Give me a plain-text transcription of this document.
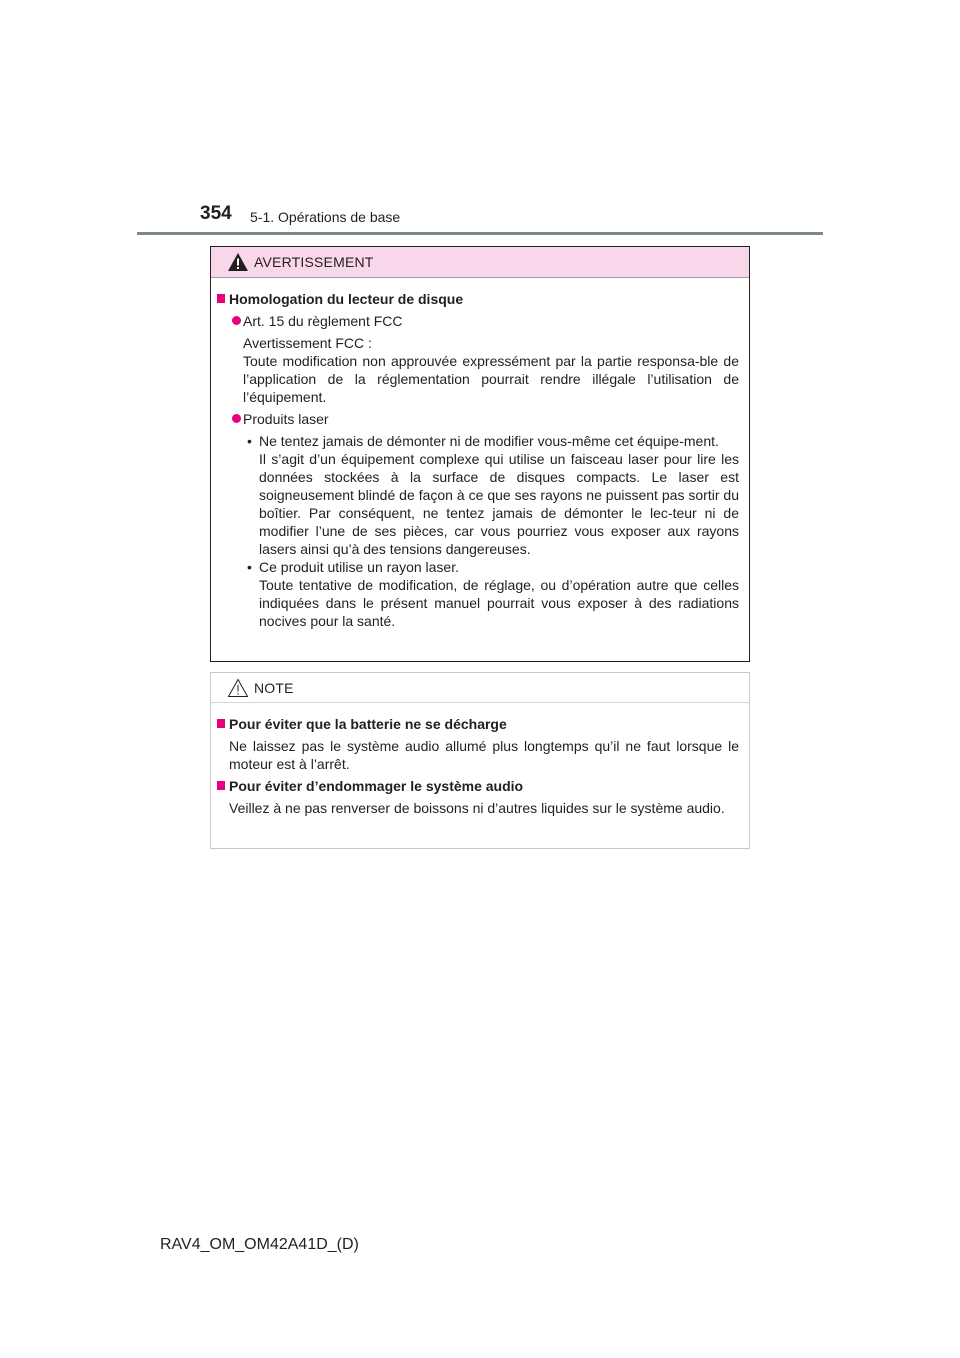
354 5-1. Opérations de base
AVERTISSEMENT
Homologation du lecteur de disque
Art. 15 du règlement FCC
Avertissement FCC :
Toute modification non approuvée expressément par la partie responsa-ble de l’application de la réglementation pourrait rendre illégale l’utilisation de l’équipement.
Produits laser
• Ne tentez jamais de démonter ni de modifier vous-même cet équipe-ment.
Il s’agit d’un équipement complexe qui utilise un faisceau laser pour lire les données stockées à la surface de disques compacts. Le laser est soigneusement blindé de façon à ce que ses rayons ne puissent pas sortir du boîtier. Par conséquent, ne tentez jamais de démonter le lec-teur ni de modifier l’une de ses pièces, car vous pourriez vous exposer aux rayons lasers ainsi qu’à des tensions dangereuses.
• Ce produit utilise un rayon laser.
Toute tentative de modification, de réglage, ou d’opération autre que celles indiquées dans le présent manuel pourrait vous exposer à des radiations nocives pour la santé.
NOTE
Pour éviter que la batterie ne se décharge
Ne laissez pas le système audio allumé plus longtemps qu’il ne faut lorsque le moteur est à l’arrêt.
Pour éviter d’endommager le système audio
Veillez à ne pas renverser de boissons ni d’autres liquides sur le système audio.
RAV4_OM_OM42A41D_(D)
